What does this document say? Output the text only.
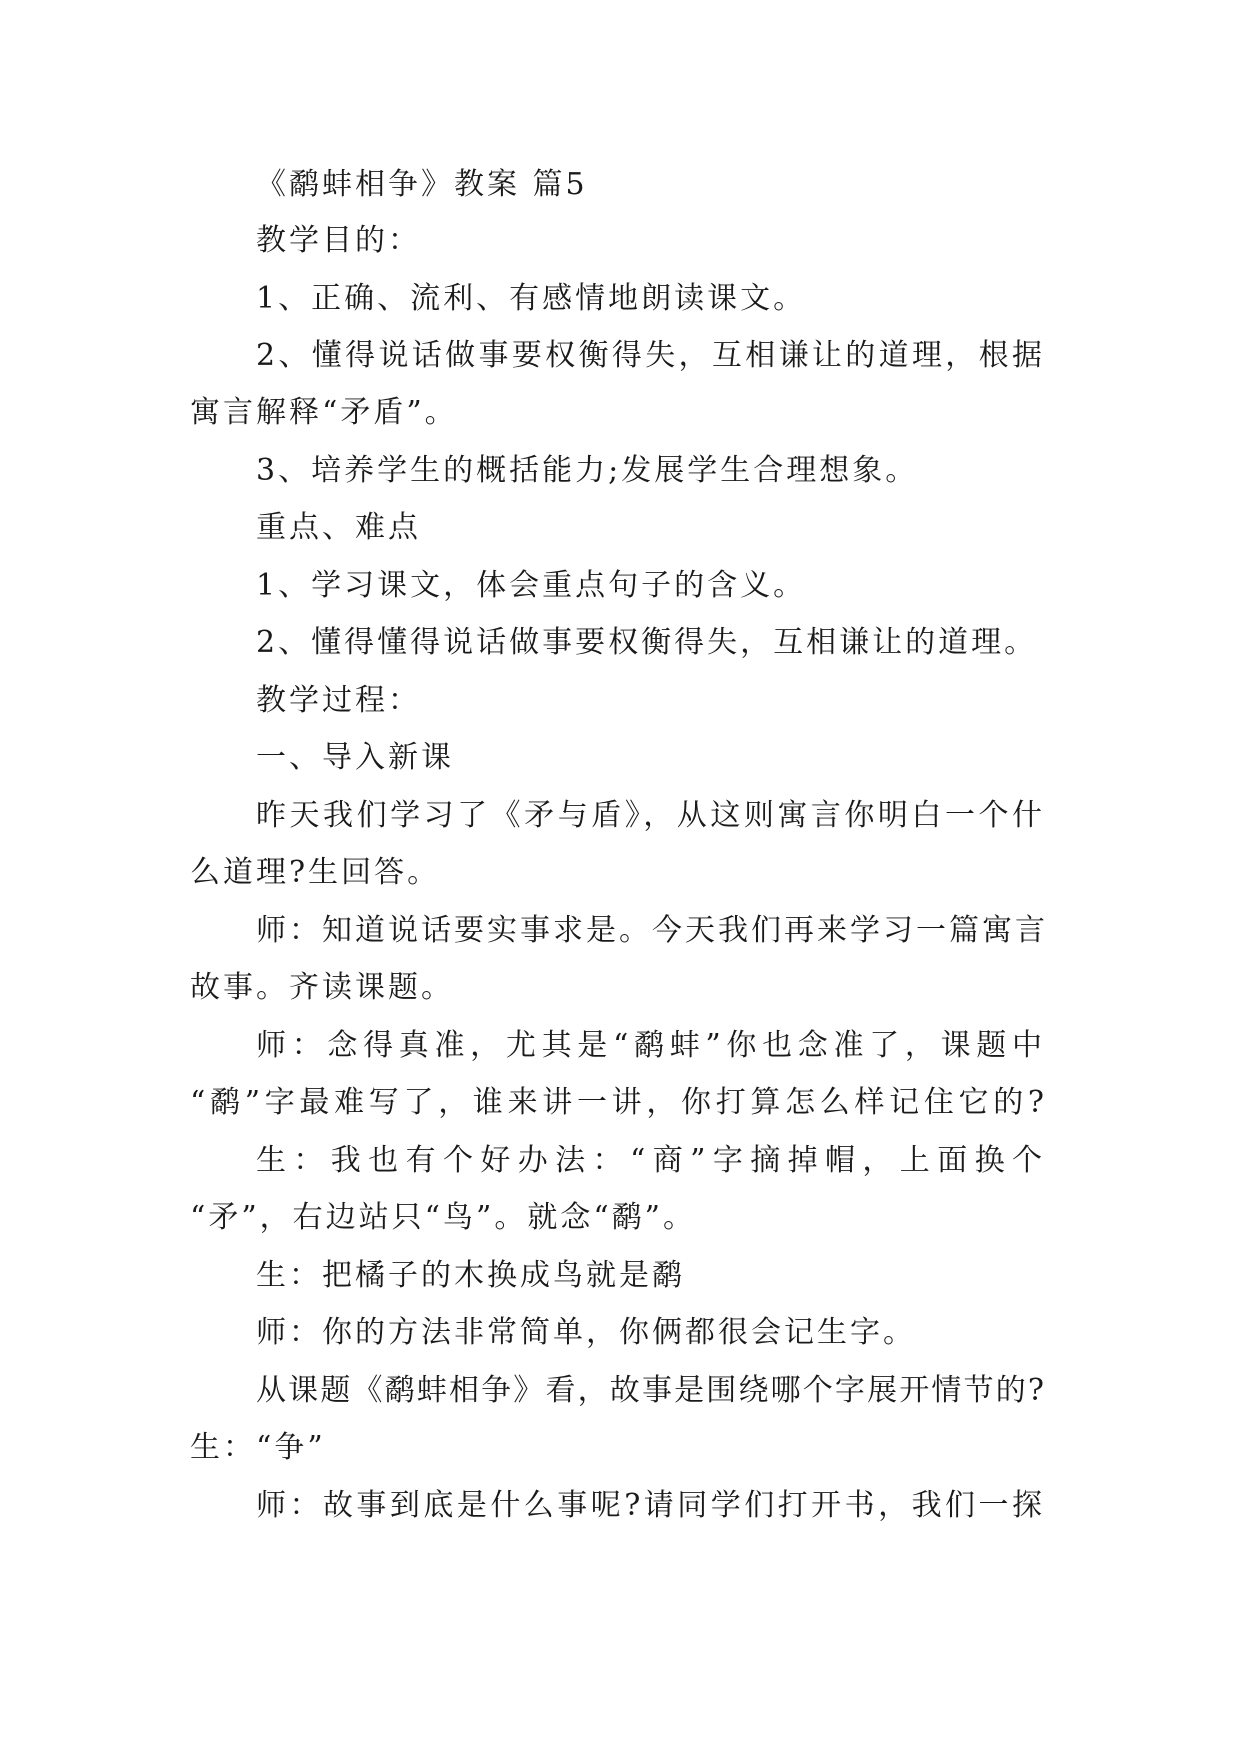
《鹬蚌相争》教案 篇5
教学目的：
1、正确、流利、有感情地朗读课文。
2、懂得说话做事要权衡得失，互相谦让的道理，根据
寓言解释“矛盾”。
3、培养学生的概括能力;发展学生合理想象。
重点、难点
1、学习课文，体会重点句子的含义。
2、懂得懂得说话做事要权衡得失，互相谦让的道理。
教学过程：
一、导入新课
昨天我们学习了《矛与盾》，从这则寓言你明白一个什
么道理?生回答。
师：知道说话要实事求是。今天我们再来学习一篇寓言
故事。齐读课题。
师：念得真准，尤其是“鹬蚌”你也念准了，课题中
“鹬”字最难写了，谁来讲一讲，你打算怎么样记住它的?
生：我也有个好办法：“商”字摘掉帽，上面换个
“矛”，右边站只“鸟”。就念“鹬”。
生：把橘子的木换成鸟就是鹬
师：你的方法非常简单，你俩都很会记生字。
从课题《鹬蚌相争》看，故事是围绕哪个字展开情节的?
生：“争”
师：故事到底是什么事呢?请同学们打开书，我们一探
